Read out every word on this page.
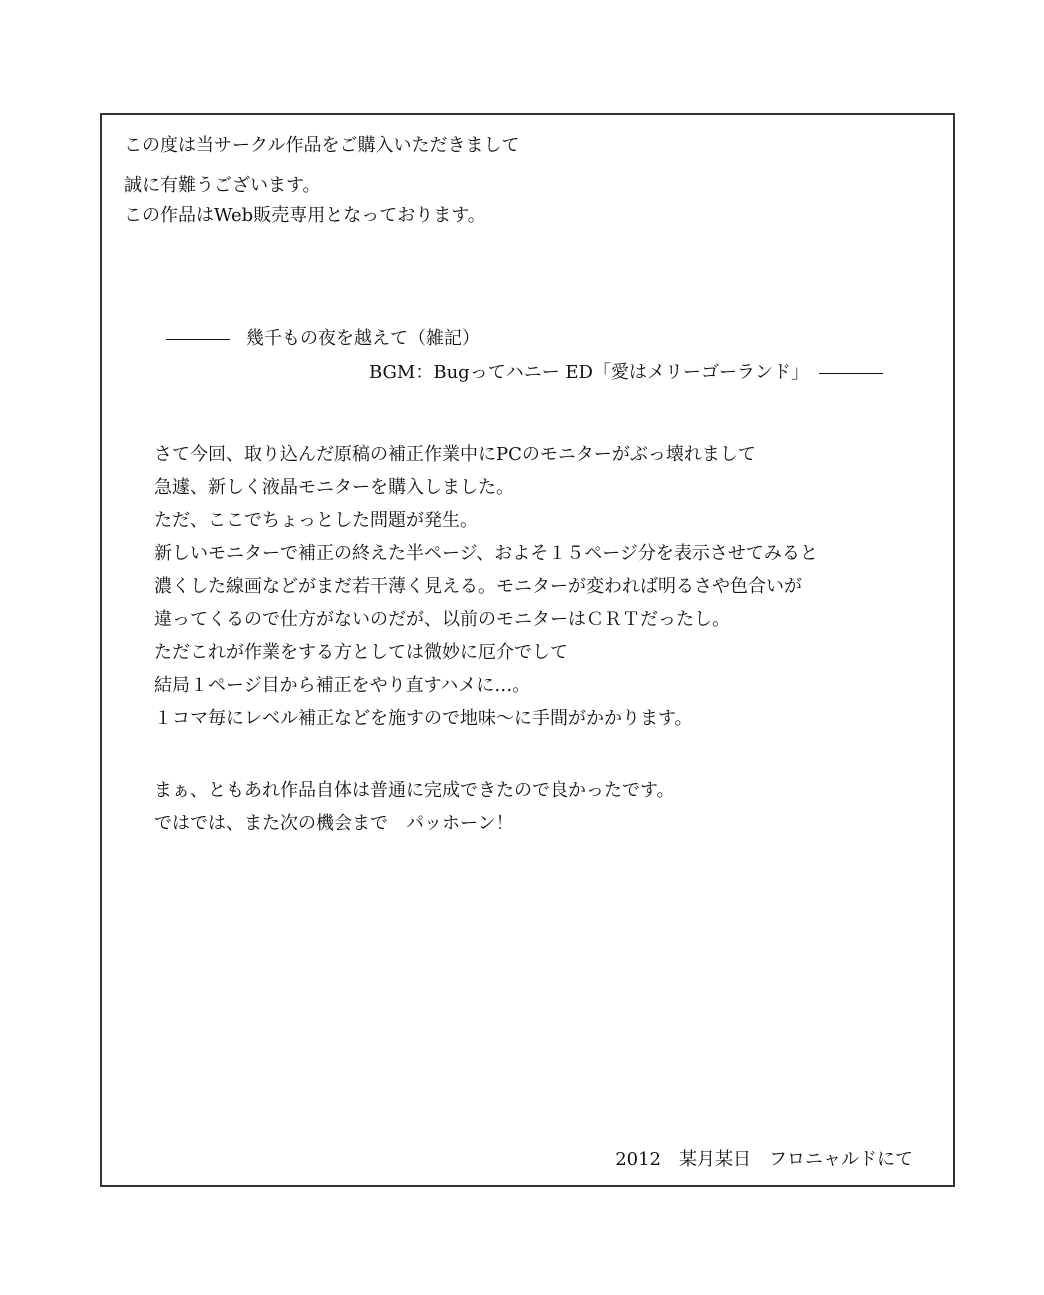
この度は当サークル作品をご購入いただきまして
誠に有難うございます。
この作品はWeb販売専用となっております。
幾千もの夜を越えて（雑記）
BGM：Bugってハニー ED「愛はメリーゴーランド」
さて今回、取り込んだ原稿の補正作業中にPCのモニターがぶっ壊れまして
急遽、新しく液晶モニターを購入しました。
ただ、ここでちょっとした問題が発生。
新しいモニターで補正の終えた半ページ、およそ１５ページ分を表示させてみると
濃くした線画などがまだ若干薄く見える。モニターが変われば明るさや色合いが
違ってくるので仕方がないのだが、以前のモニターはＣＲＴだったし。
ただこれが作業をする方としては微妙に厄介でして
結局１ページ目から補正をやり直すハメに…。
１コマ毎にレベル補正などを施すので地味～に手間がかかります。
まぁ、ともあれ作品自体は普通に完成できたので良かったです。
ではでは、また次の機会まで　パッホーン！
2012　某月某日　フロニャルドにて
